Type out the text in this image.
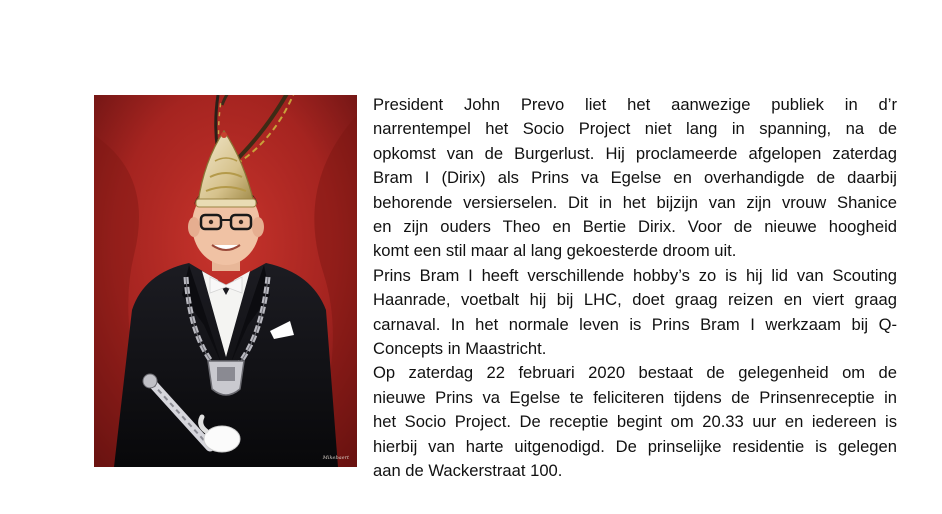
Mikebaert

President John Prevo liet het aanwezige publiek in d’r
narrentempel het Socio Project niet lang in spanning, na de
opkomst van de Burgerlust. Hij proclameerde afgelopen zaterdag
Bram I (Dirix) als Prins va Egelse en overhandigde de daarbij
behorende versierselen. Dit in het bijzijn van zijn vrouw Shanice
en zijn ouders Theo en Bertie Dirix. Voor de nieuwe hoogheid
komt een stil maar al lang gekoesterde droom uit.

Prins Bram I heeft verschillende hobby’s zo is hij lid van Scouting
Haanrade, voetbalt hij bij LHC, doet graag reizen en viert graag
carnaval. In het normale leven is Prins Bram I werkzaam bij Q-
Concepts in Maastricht.

Op zaterdag 22 februari 2020 bestaat de gelegenheid om de
nieuwe Prins va Egelse te feliciteren tijdens de Prinsenreceptie in
het Socio Project. De receptie begint om 20.33 uur en iedereen is
hierbij van harte uitgenodigd. De prinselijke residentie is gelegen
aan de Wackerstraat 100.
